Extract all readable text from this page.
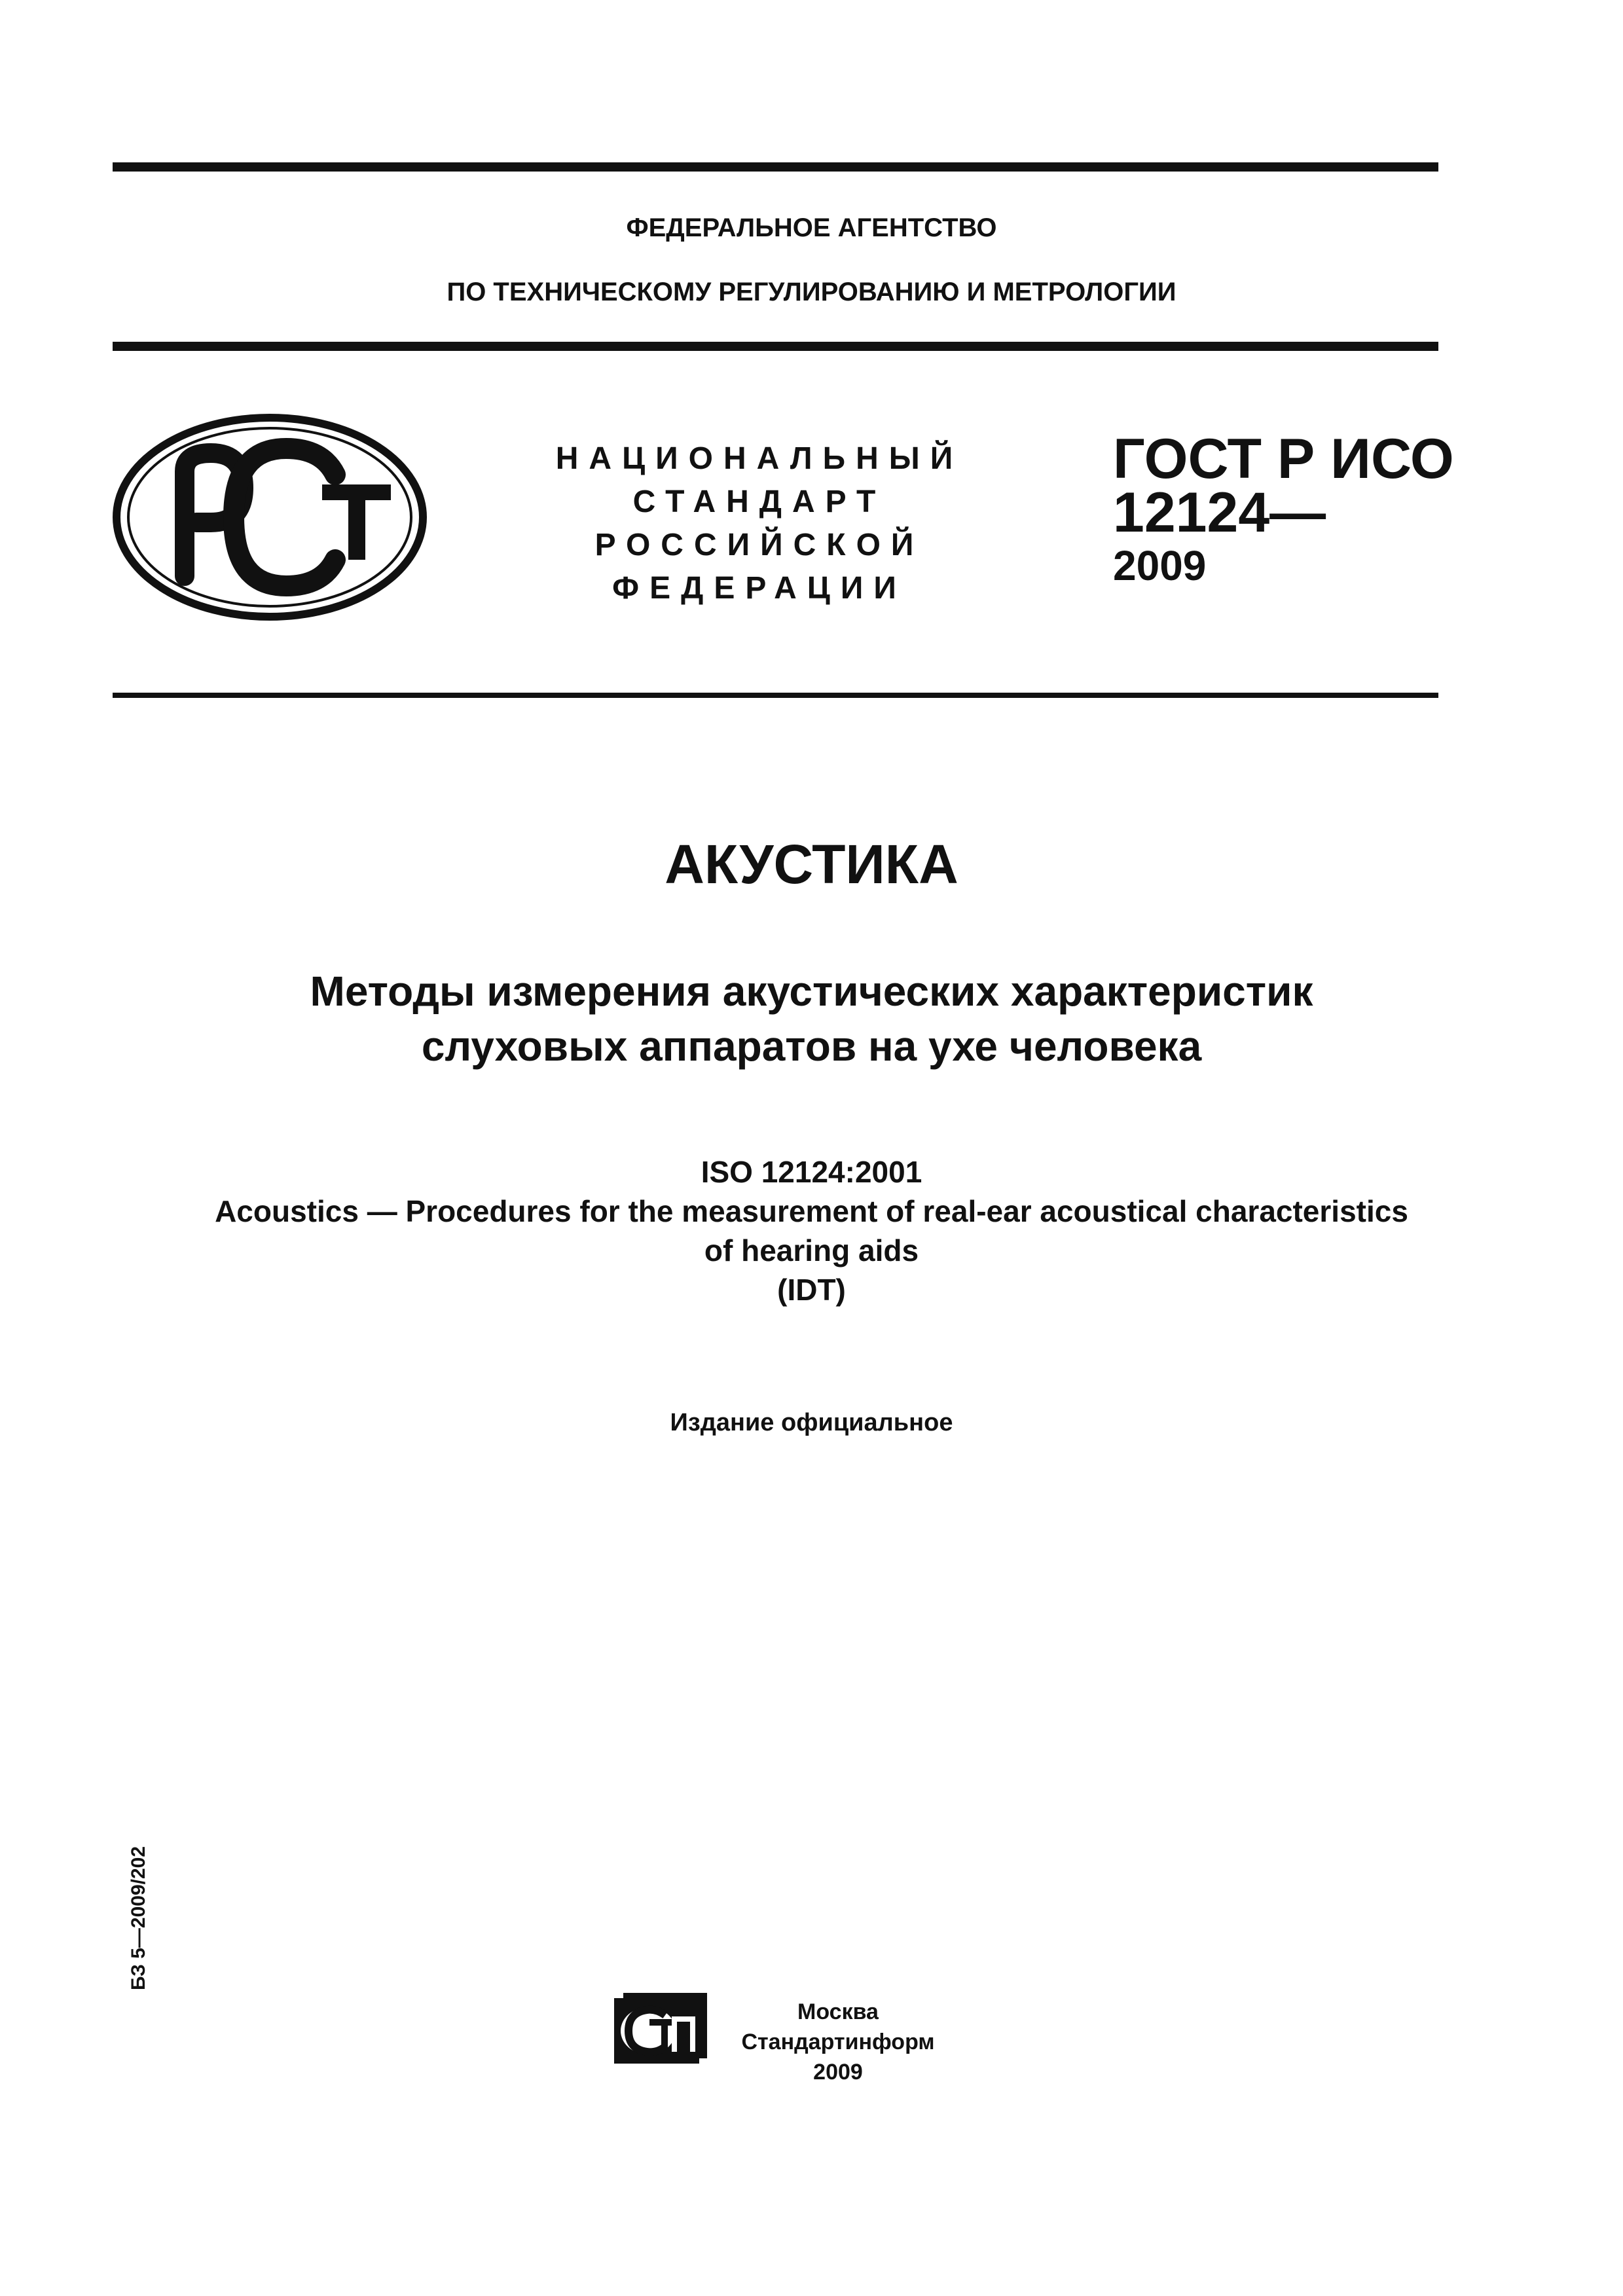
ФЕДЕРАЛЬНОЕ АГЕНТСТВО
ПО ТЕХНИЧЕСКОМУ РЕГУЛИРОВАНИЮ И МЕТРОЛОГИИ
РСТ
НАЦИОНАЛЬНЫЙ
СТАНДАРТ
РОССИЙСКОЙ
ФЕДЕРАЦИИ
ГОСТ Р ИСО
12124—
2009
АКУСТИКА
Методы измерения акустических характеристик
слуховых аппаратов на ухе человека
ISO 12124:2001
Acoustics — Procedures for the measurement of real-ear acoustical characteristics
of hearing aids
(IDT)
Издание официальное
БЗ 5—2009/202
СТИ
Москва
Стандартинформ
2009
